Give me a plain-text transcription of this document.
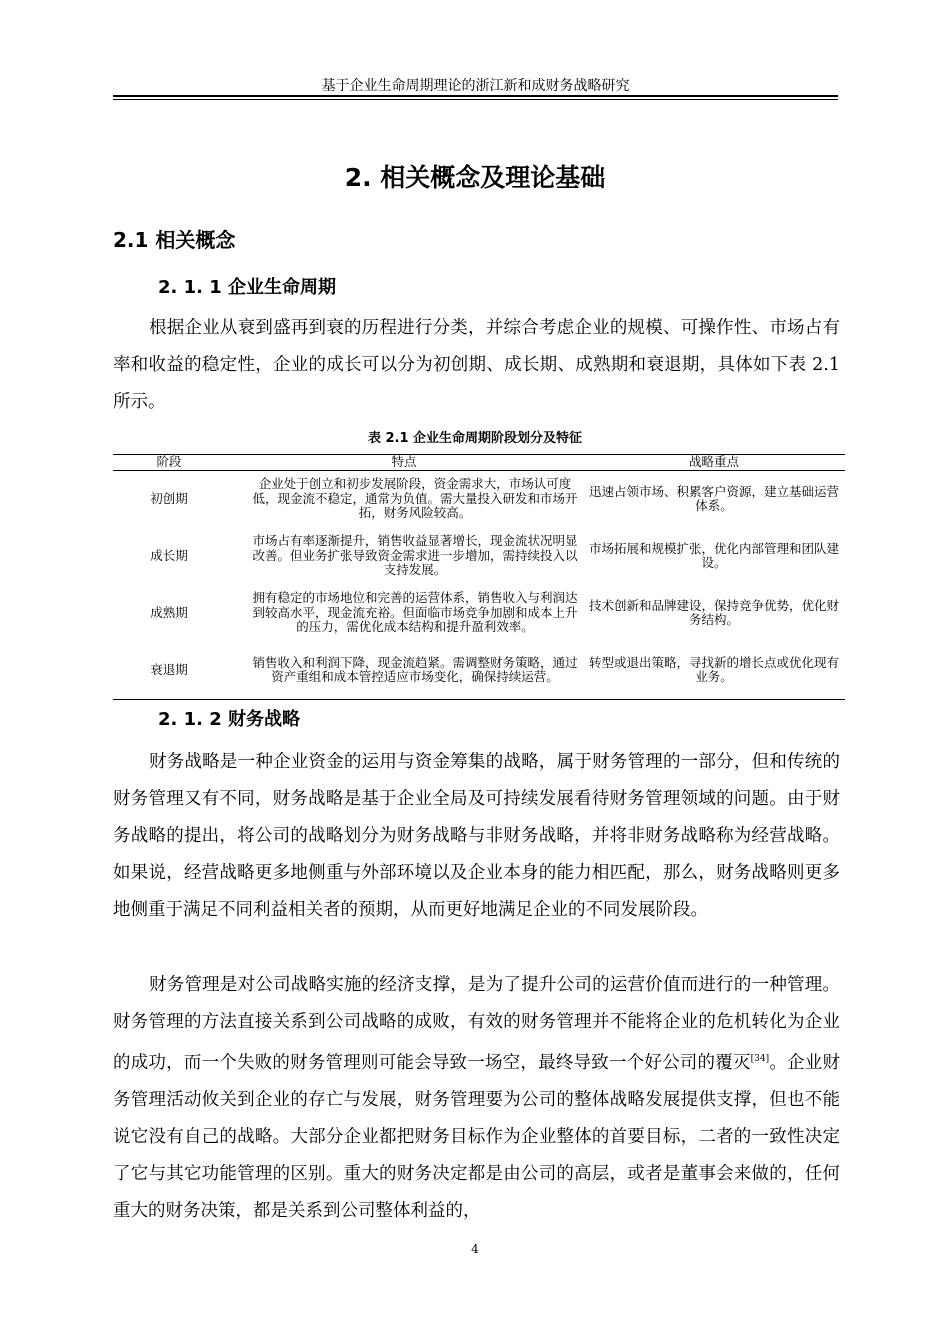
基于企业生命周期理论的浙江新和成财务战略研究
2. 相关概念及理论基础
2.1 相关概念
2. 1. 1 企业生命周期
根据企业从衰到盛再到衰的历程进行分类，并综合考虑企业的规模、可操作性、市场占有率和收益的稳定性，企业的成长可以分为初创期、成长期、成熟期和衰退期，具体如下表 2.1 所示。
表 2.1 企业生命周期阶段划分及特征
阶段	特点	战略重点
初创期	企业处于创立和初步发展阶段，资金需求大，市场认可度低，现金流不稳定，通常为负值。需大量投入研发和市场开拓，财务风险较高。	迅速占领市场、积累客户资源，建立基础运营体系。
成长期	市场占有率逐渐提升，销售收益显著增长，现金流状况明显改善。但业务扩张导致资金需求进一步增加，需持续投入以支持发展。	市场拓展和规模扩张，优化内部管理和团队建设。
成熟期	拥有稳定的市场地位和完善的运营体系，销售收入与利润达到较高水平，现金流充裕。但面临市场竞争加剧和成本上升的压力，需优化成本结构和提升盈利效率。	技术创新和品牌建设，保持竞争优势，优化财务结构。
衰退期	销售收入和利润下降，现金流趋紧。需调整财务策略，通过资产重组和成本管控适应市场变化，确保持续运营。	转型或退出策略，寻找新的增长点或优化现有业务。
2. 1. 2 财务战略
财务战略是一种企业资金的运用与资金筹集的战略，属于财务管理的一部分，但和传统的财务管理又有不同，财务战略是基于企业全局及可持续发展看待财务管理领域的问题。由于财务战略的提出，将公司的战略划分为财务战略与非财务战略，并将非财务战略称为经营战略。如果说，经营战略更多地侧重与外部环境以及企业本身的能力相匹配，那么，财务战略则更多地侧重于满足不同利益相关者的预期，从而更好地满足企业的不同发展阶段。
财务管理是对公司战略实施的经济支撑，是为了提升公司的运营价值而进行的一种管理。财务管理的方法直接关系到公司战略的成败，有效的财务管理并不能将企业的危机转化为企业的成功，而一个失败的财务管理则可能会导致一场空，最终导致一个好公司的覆灭[34]。企业财务管理活动攸关到企业的存亡与发展，财务管理要为公司的整体战略发展提供支撑，但也不能说它没有自己的战略。大部分企业都把财务目标作为企业整体的首要目标，二者的一致性决定了它与其它功能管理的区别。重大的财务决定都是由公司的高层，或者是董事会来做的，任何重大的财务决策，都是关系到公司整体利益的，
4
